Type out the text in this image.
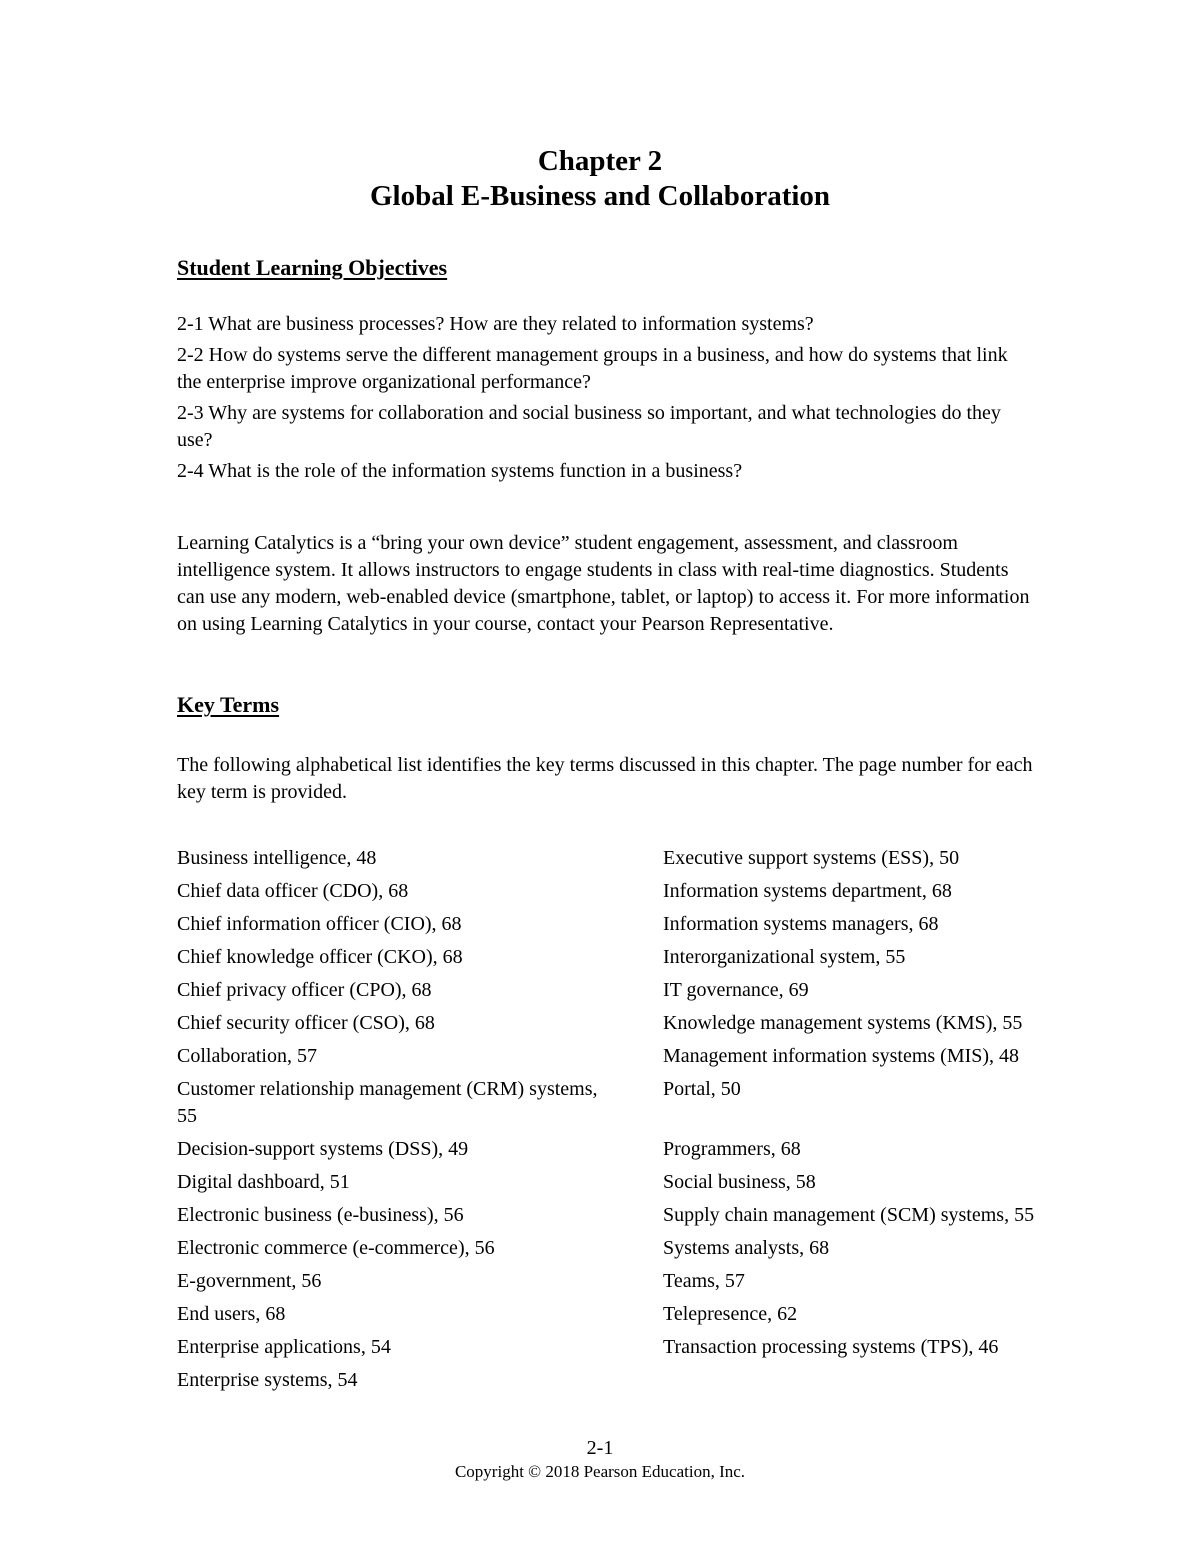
Chapter 2
Global E-Business and Collaboration
Student Learning Objectives
2-1 What are business processes? How are they related to information systems?
2-2 How do systems serve the different management groups in a business, and how do systems that link the enterprise improve organizational performance?
2-3 Why are systems for collaboration and social business so important, and what technologies do they use?
2-4 What is the role of the information systems function in a business?

Learning Catalytics is a “bring your own device” student engagement, assessment, and classroom intelligence system. It allows instructors to engage students in class with real-time diagnostics. Students can use any modern, web-enabled device (smartphone, tablet, or laptop) to access it. For more information on using Learning Catalytics in your course, contact your Pearson Representative.

Key Terms

The following alphabetical list identifies the key terms discussed in this chapter. The page number for each key term is provided.

Business intelligence, 48
Chief data officer (CDO), 68
Chief information officer (CIO), 68
Chief knowledge officer (CKO), 68
Chief privacy officer (CPO), 68
Chief security officer (CSO), 68
Collaboration, 57
Customer relationship management (CRM) systems, 55
Decision-support systems (DSS), 49
Digital dashboard, 51
Electronic business (e-business), 56
Electronic commerce (e-commerce), 56
E-government, 56
End users, 68
Enterprise applications, 54
Enterprise systems, 54
Executive support systems (ESS), 50
Information systems department, 68
Information systems managers, 68
Interorganizational system, 55
IT governance, 69
Knowledge management systems (KMS), 55
Management information systems (MIS), 48
Portal, 50
Programmers, 68
Social business, 58
Supply chain management (SCM) systems, 55
Systems analysts, 68
Teams, 57
Telepresence, 62
Transaction processing systems (TPS), 46
2-1
Copyright © 2018 Pearson Education, Inc.
